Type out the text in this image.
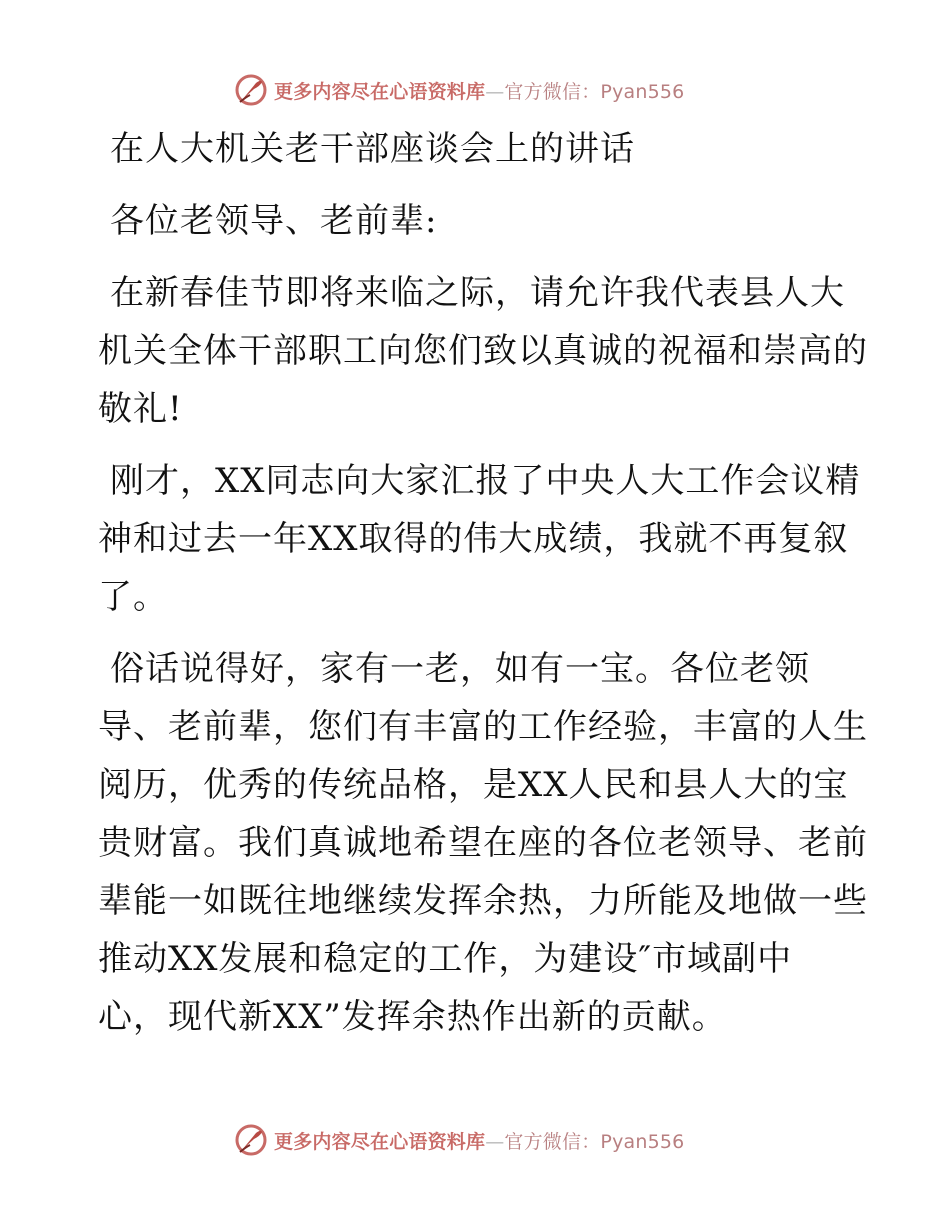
更多内容尽在心语资料库—官方微信：Pyan556

在人大机关老干部座谈会上的讲话

各位老领导、老前辈:

在新春佳节即将来临之际，请允许我代表县人大

机关全体干部职工向您们致以真诚的祝福和崇高的

敬礼!

刚才，XX同志向大家汇报了中央人大工作会议精

神和过去一年XX取得的伟大成绩，我就不再复叙

了。

俗话说得好，家有一老，如有一宝。各位老领

导、老前辈，您们有丰富的工作经验，丰富的人生

阅历，优秀的传统品格，是XX人民和县人大的宝

贵财富。我们真诚地希望在座的各位老领导、老前

辈能一如既往地继续发挥余热，力所能及地做一些

推动XX发展和稳定的工作，为建设″市域副中

心，现代新XX”发挥余热作出新的贡献。

更多内容尽在心语资料库—官方微信：Pyan556
